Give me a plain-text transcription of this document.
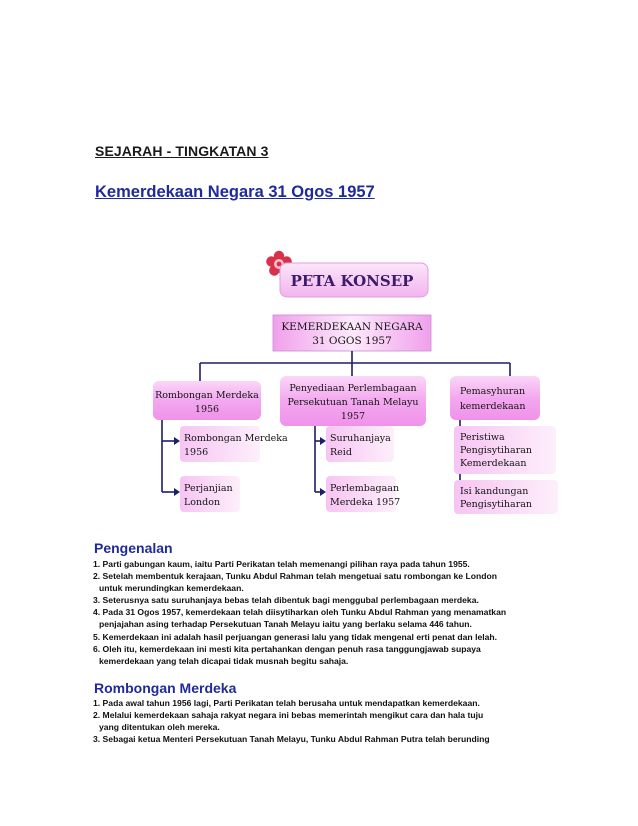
SEJARAH - TINGKATAN 3
Kemerdekaan Negara 31 Ogos 1957
PETA KONSEP
KEMERDEKAAN NEGARA
31 OGOS 1957
Rombongan Merdeka
1956
Rombongan Merdeka
1956
Perjanjian
London
Penyediaan Perlembagaan
Persekutuan Tanah Melayu
1957
Suruhanjaya
Reid
Perlembagaan
Merdeka 1957
Pemasyhuran
kemerdekaan
Peristiwa
Pengisytiharan
Kemerdekaan
Isi kandungan
Pengisytiharan
Pengenalan
1. Parti gabungan kaum, iaitu Parti Perikatan telah memenangi pilihan raya pada tahun 1955.
2. Setelah membentuk kerajaan, Tunku Abdul Rahman telah mengetuai satu rombongan ke London
untuk merundingkan kemerdekaan.
3. Seterusnya satu suruhanjaya bebas telah dibentuk bagi menggubal perlembagaan merdeka.
4. Pada 31 Ogos 1957, kemerdekaan telah diisytiharkan oleh Tunku Abdul Rahman yang menamatkan
penjajahan asing terhadap Persekutuan Tanah Melayu iaitu yang berlaku selama 446 tahun.
5. Kemerdekaan ini adalah hasil perjuangan generasi lalu yang tidak mengenal erti penat dan lelah.
6. Oleh itu, kemerdekaan ini mesti kita pertahankan dengan penuh rasa tanggungjawab supaya
kemerdekaan yang telah dicapai tidak musnah begitu sahaja.
Rombongan Merdeka
1. Pada awal tahun 1956 lagi, Parti Perikatan telah berusaha untuk mendapatkan kemerdekaan.
2. Melalui kemerdekaan sahaja rakyat negara ini bebas memerintah mengikut cara dan hala tuju
yang ditentukan oleh mereka.
3. Sebagai ketua Menteri Persekutuan Tanah Melayu, Tunku Abdul Rahman Putra telah berunding
